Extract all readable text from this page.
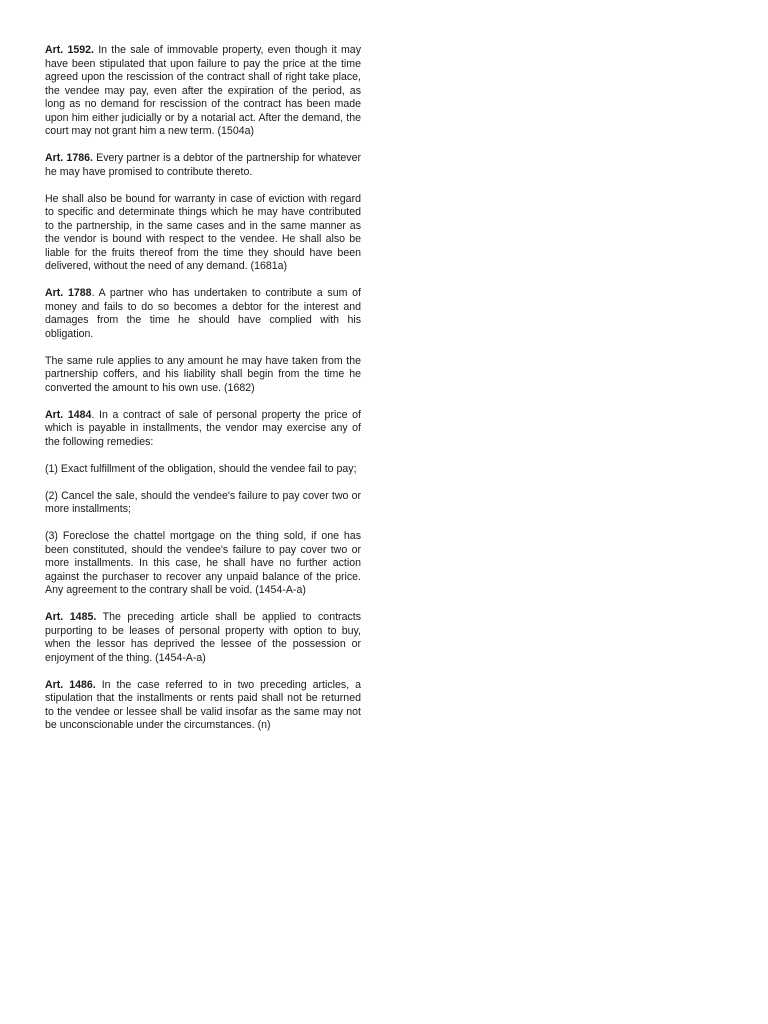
Art. 1592. In the sale of immovable property, even though it may have been stipulated that upon failure to pay the price at the time agreed upon the rescission of the contract shall of right take place, the vendee may pay, even after the expiration of the period, as long as no demand for rescission of the contract has been made upon him either judicially or by a notarial act. After the demand, the court may not grant him a new term. (1504a)

Art. 1786. Every partner is a debtor of the partnership for whatever he may have promised to contribute thereto.

He shall also be bound for warranty in case of eviction with regard to specific and determinate things which he may have contributed to the partnership, in the same cases and in the same manner as the vendor is bound with respect to the vendee. He shall also be liable for the fruits thereof from the time they should have been delivered, without the need of any demand. (1681a)

Art. 1788. A partner who has undertaken to contribute a sum of money and fails to do so becomes a debtor for the interest and damages from the time he should have complied with his obligation.

The same rule applies to any amount he may have taken from the partnership coffers, and his liability shall begin from the time he converted the amount to his own use. (1682)

Art. 1484. In a contract of sale of personal property the price of which is payable in installments, the vendor may exercise any of the following remedies:

(1) Exact fulfillment of the obligation, should the vendee fail to pay;

(2) Cancel the sale, should the vendee's failure to pay cover two or more installments;

(3) Foreclose the chattel mortgage on the thing sold, if one has been constituted, should the vendee's failure to pay cover two or more installments. In this case, he shall have no further action against the purchaser to recover any unpaid balance of the price. Any agreement to the contrary shall be void. (1454-A-a)

Art. 1485. The preceding article shall be applied to contracts purporting to be leases of personal property with option to buy, when the lessor has deprived the lessee of the possession or enjoyment of the thing. (1454-A-a)

Art. 1486. In the case referred to in two preceding articles, a stipulation that the installments or rents paid shall not be returned to the vendee or lessee shall be valid insofar as the same may not be unconscionable under the circumstances. (n)
